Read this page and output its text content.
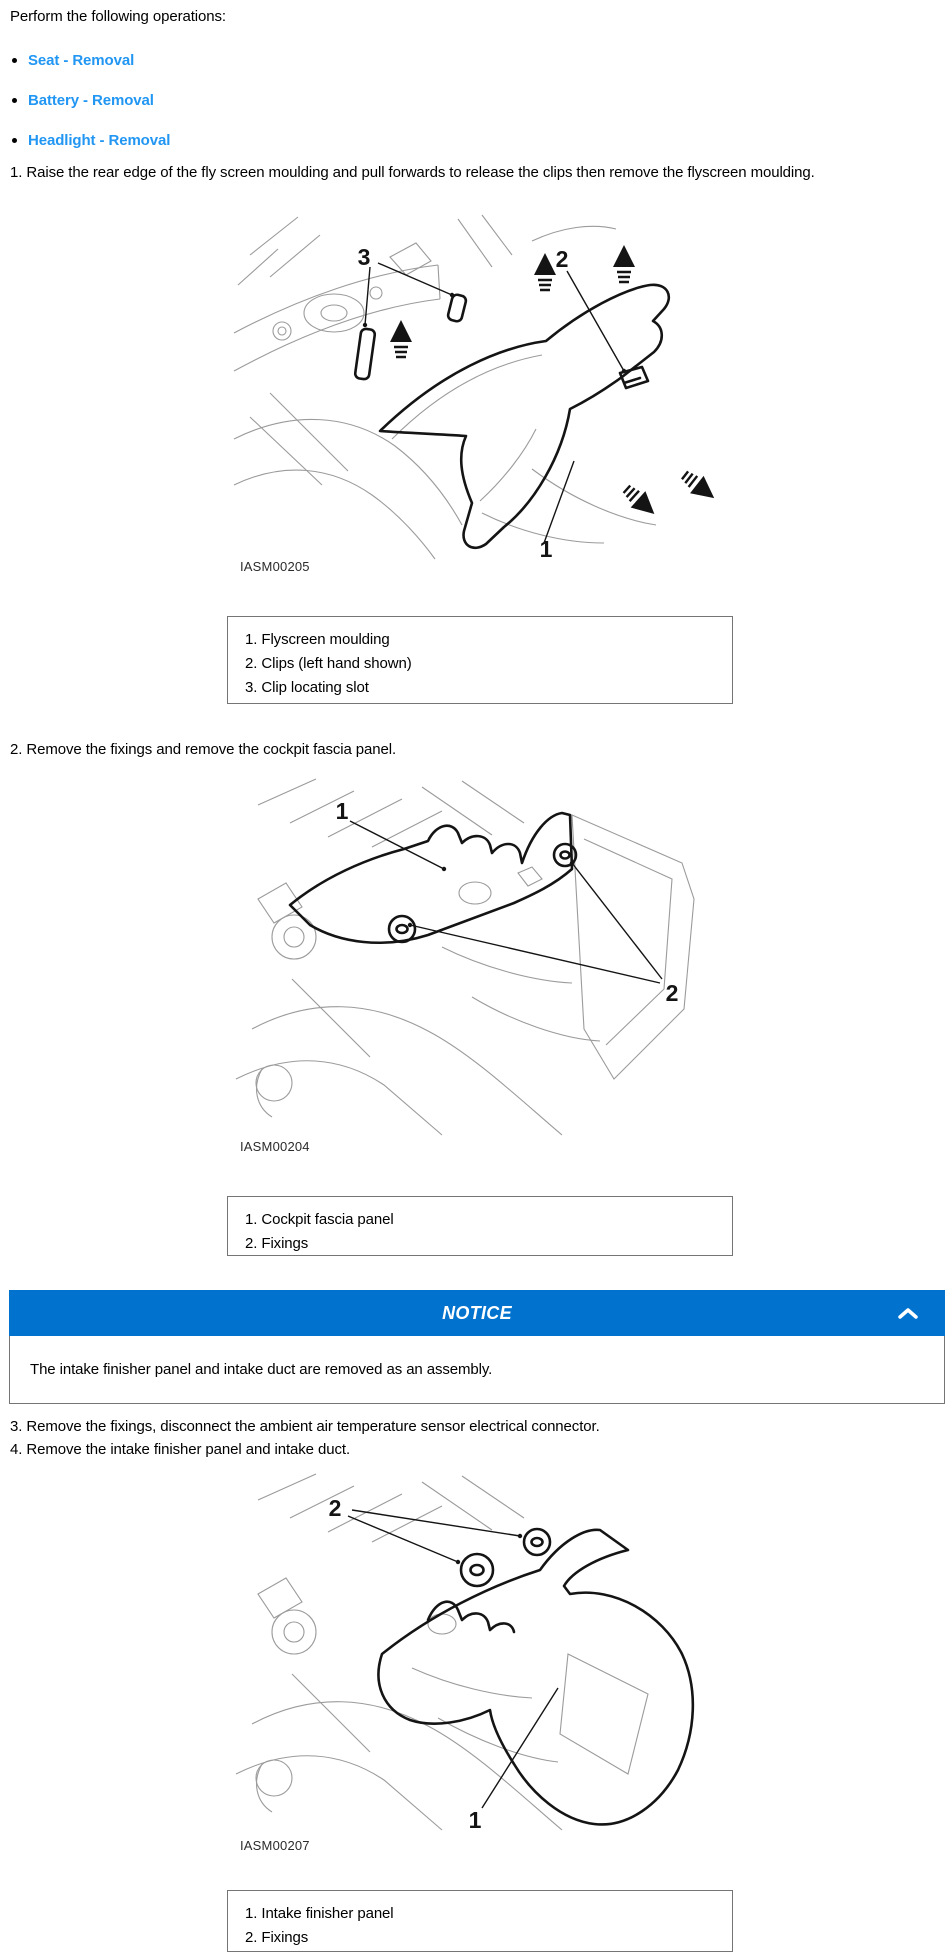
Perform the following operations:

Seat - Removal
Battery - Removal
Headlight - Removal

1. Raise the rear edge of the fly screen moulding and pull forwards to release the clips then remove the flyscreen moulding.

3	2
1
IASM00205
1. Flyscreen moulding
2. Clips (left hand shown)
3. Clip locating slot

2. Remove the fixings and remove the cockpit fascia panel.

1
2
IASM00204
1. Cockpit fascia panel
2. Fixings
NOTICE
The intake finisher panel and intake duct are removed as an assembly.

3. Remove the fixings, disconnect the ambient air temperature sensor electrical connector.

4. Remove the intake finisher panel and intake duct.

2
1
IASM00207
1. Intake finisher panel
2. Fixings
